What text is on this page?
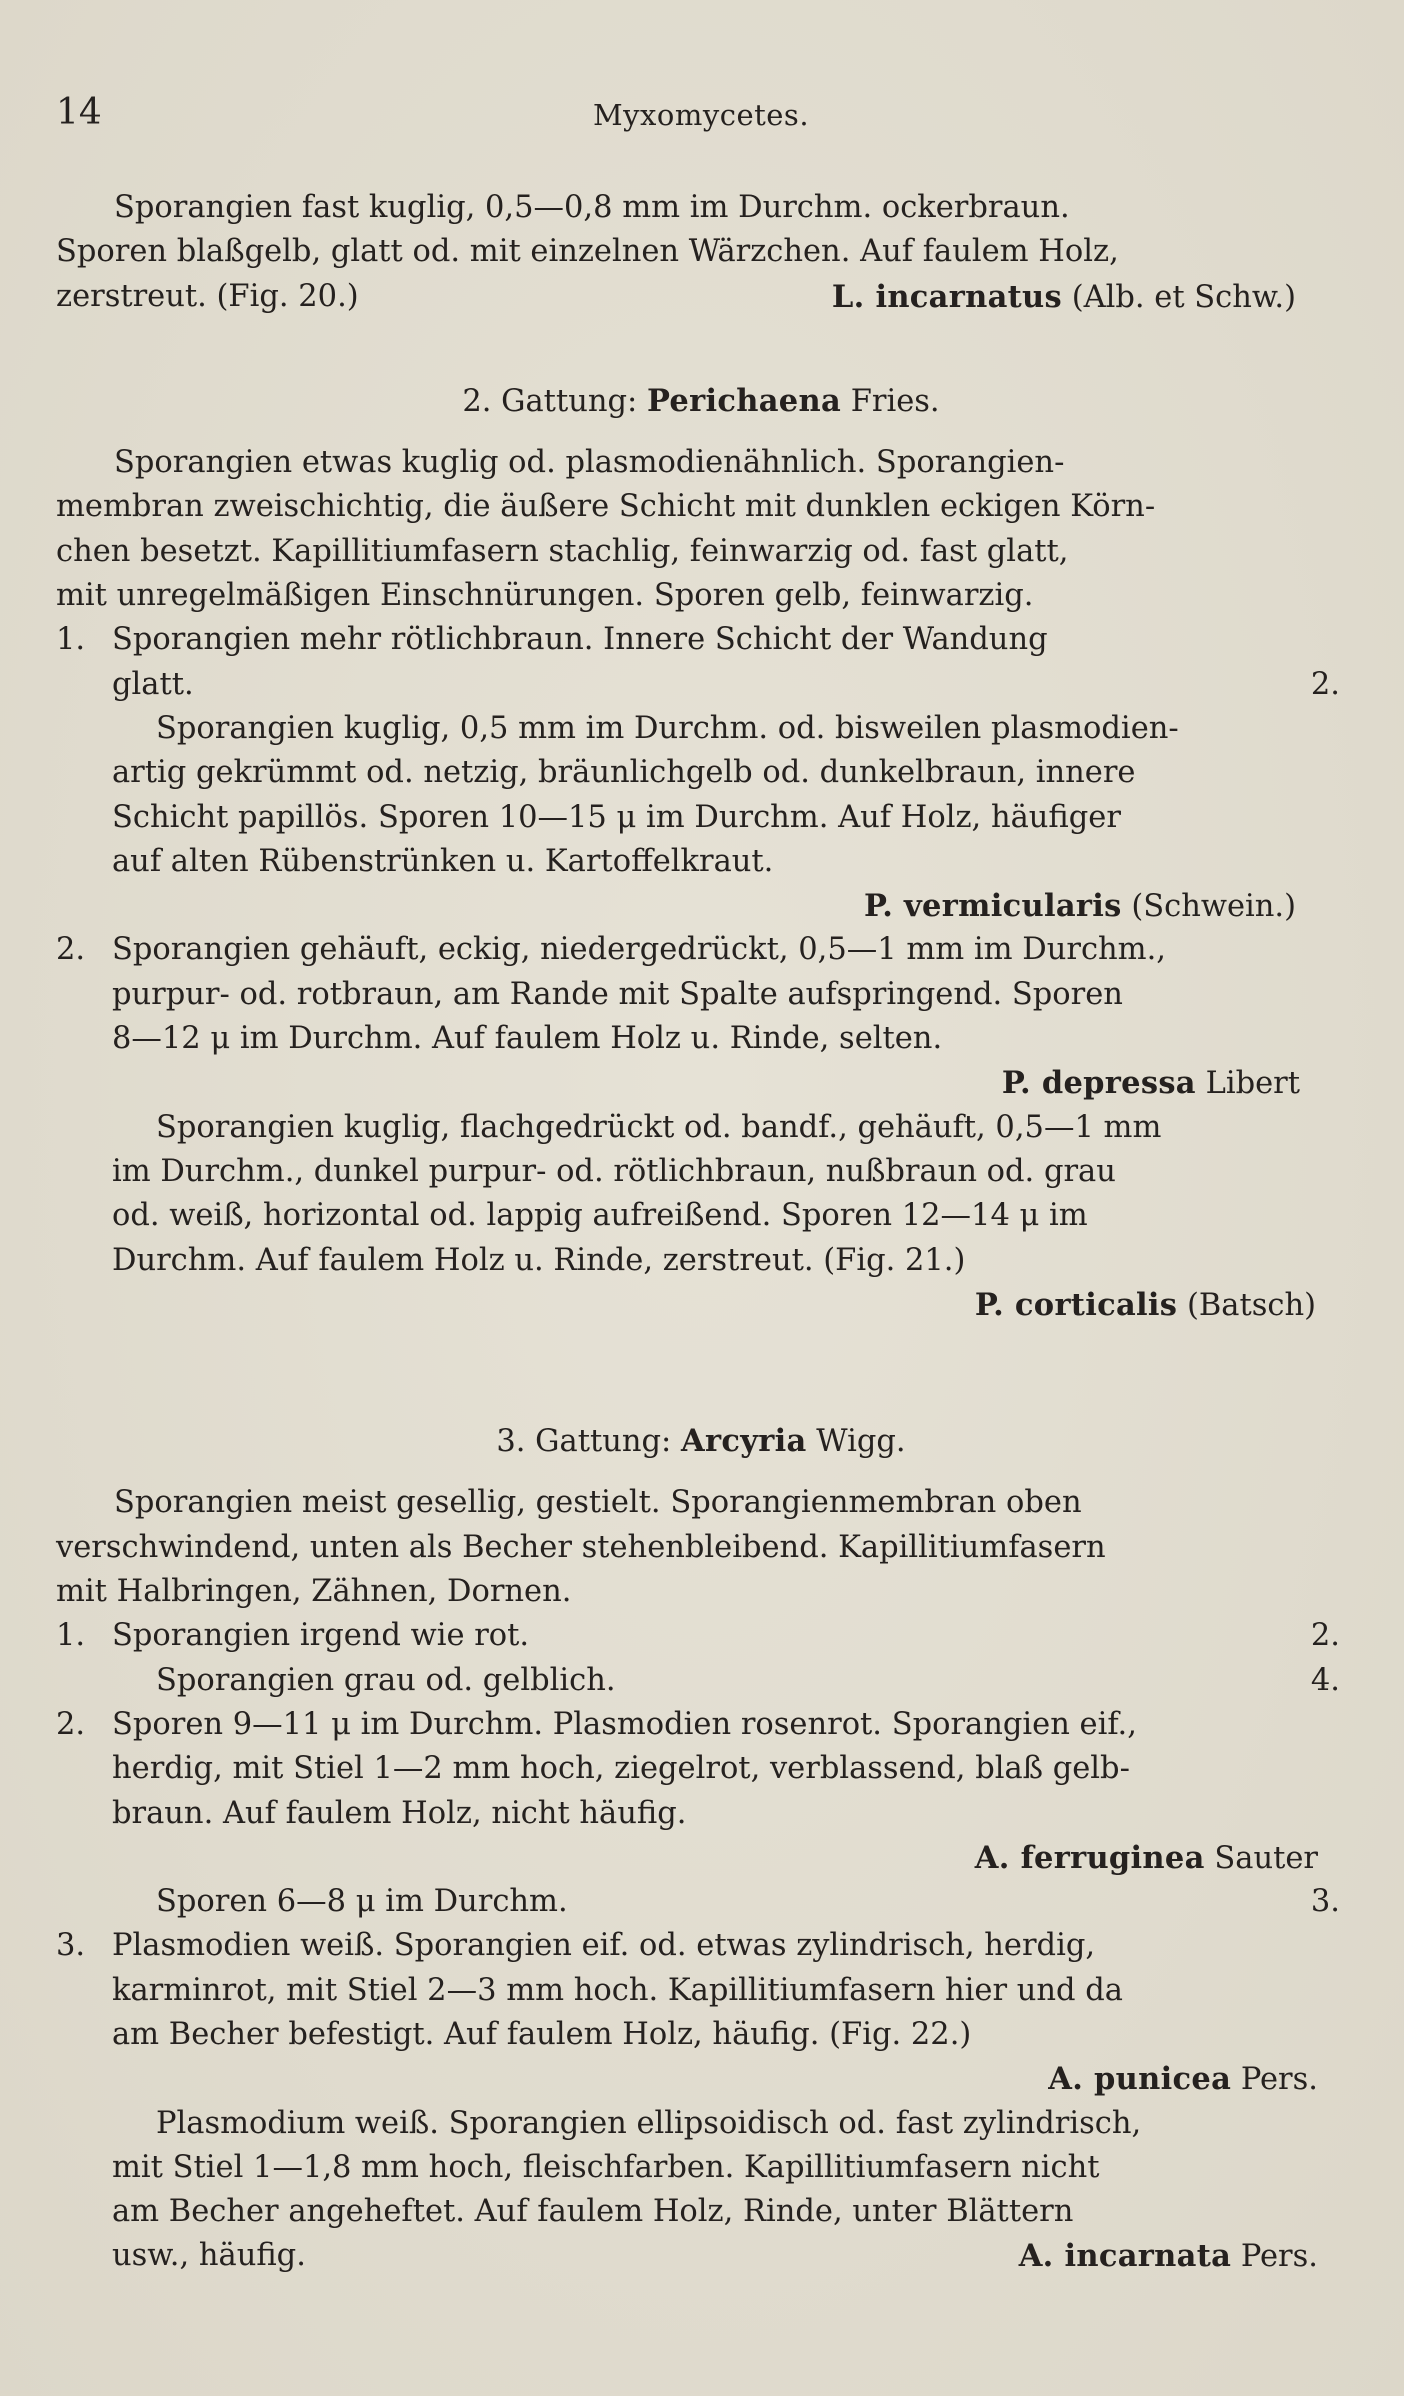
14	Myxomycetes.
Sporangien fast kuglig, 0,5—0,8 mm im Durchm. ockerbraun.
Sporen blaßgelb, glatt od. mit einzelnen Wärzchen. Auf faulem Holz,
zerstreut. (Fig. 20.)	L. incarnatus (Alb. et Schw.)
2. Gattung: Perichaena Fries.
Sporangien etwas kuglig od. plasmodienähnlich. Sporangien-
membran zweischichtig, die äußere Schicht mit dunklen eckigen Körn-
chen besetzt. Kapillitiumfasern stachlig, feinwarzig od. fast glatt,
mit unregelmäßigen Einschnürungen. Sporen gelb, feinwarzig.
1. Sporangien mehr rötlichbraun. Innere Schicht der Wandung
glatt.	2.
Sporangien kuglig, 0,5 mm im Durchm. od. bisweilen plasmodien-
artig gekrümmt od. netzig, bräunlichgelb od. dunkelbraun, innere
Schicht papillös. Sporen 10—15 μ im Durchm. Auf Holz, häufiger
auf alten Rübenstrünken u. Kartoffelkraut.
P. vermicularis (Schwein.)
2. Sporangien gehäuft, eckig, niedergedrückt, 0,5—1 mm im Durchm.,
purpur- od. rotbraun, am Rande mit Spalte aufspringend. Sporen
8—12 μ im Durchm. Auf faulem Holz u. Rinde, selten.
P. depressa Libert
Sporangien kuglig, flachgedrückt od. bandf., gehäuft, 0,5—1 mm
im Durchm., dunkel purpur- od. rötlichbraun, nußbraun od. grau
od. weiß, horizontal od. lappig aufreißend. Sporen 12—14 μ im
Durchm. Auf faulem Holz u. Rinde, zerstreut. (Fig. 21.)
P. corticalis (Batsch)
3. Gattung: Arcyria Wigg.
Sporangien meist gesellig, gestielt. Sporangienmembran oben
verschwindend, unten als Becher stehenbleibend. Kapillitiumfasern
mit Halbringen, Zähnen, Dornen.
1. Sporangien irgend wie rot.	2.
Sporangien grau od. gelblich.	4.
2. Sporen 9—11 μ im Durchm. Plasmodien rosenrot. Sporangien eif.,
herdig, mit Stiel 1—2 mm hoch, ziegelrot, verblassend, blaß gelb-
braun. Auf faulem Holz, nicht häufig.
A. ferruginea Sauter
Sporen 6—8 μ im Durchm.	3.
3. Plasmodien weiß. Sporangien eif. od. etwas zylindrisch, herdig,
karminrot, mit Stiel 2—3 mm hoch. Kapillitiumfasern hier und da
am Becher befestigt. Auf faulem Holz, häufig. (Fig. 22.)
A. punicea Pers.
Plasmodium weiß. Sporangien ellipsoidisch od. fast zylindrisch,
mit Stiel 1—1,8 mm hoch, fleischfarben. Kapillitiumfasern nicht
am Becher angeheftet. Auf faulem Holz, Rinde, unter Blättern
usw., häufig.	A. incarnata Pers.
